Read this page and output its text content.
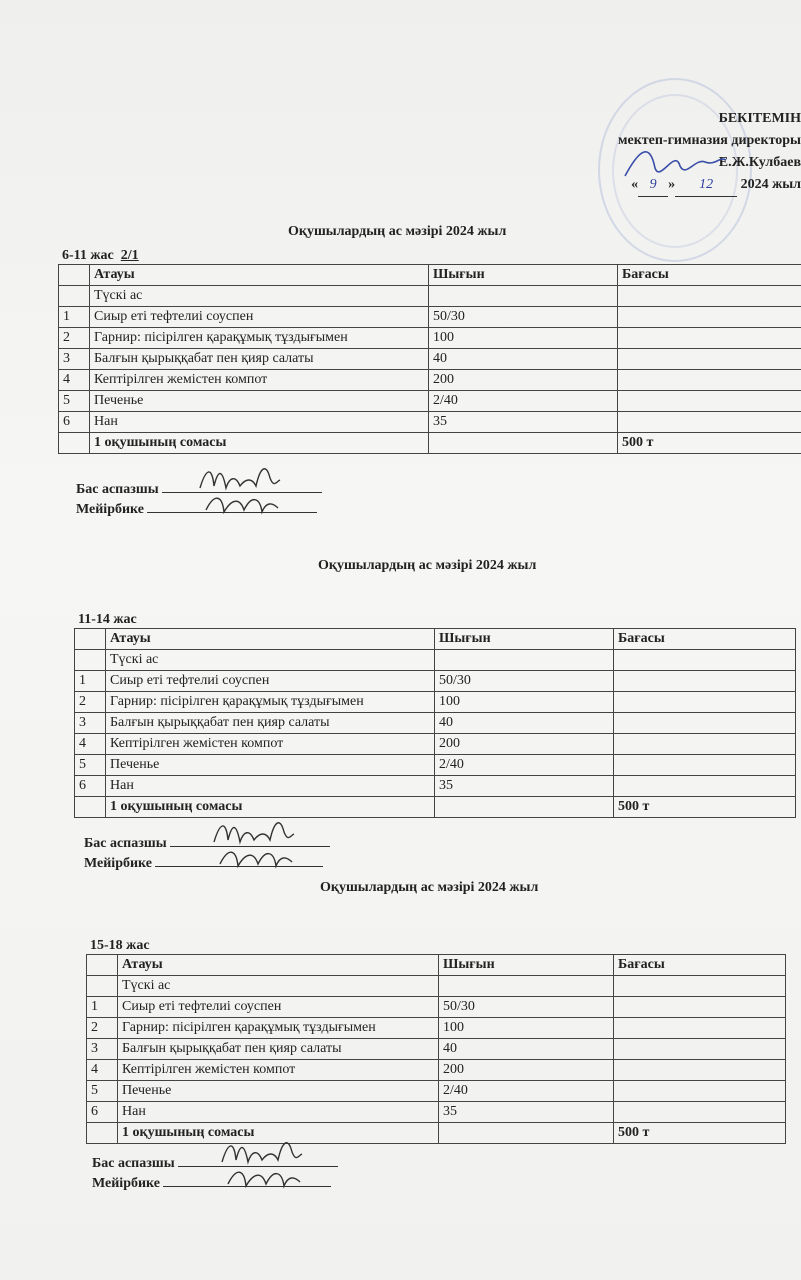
БЕКІТЕМІН
мектеп-гимназия директоры
Е.Ж.Кулбаев
« 9 » 12 2024 жыл
Оқушылардың ас мәзірі 2024 жыл
6-11 жас 2/1
	Атауы	Шығын	Бағасы
	Түскі ас		
1	Сиыр еті тефтелиі соуспен	50/30	
2	Гарнир: пісірілген қарақұмық тұздығымен	100	
3	Балғын қырыққабат пен қияр салаты	40	
4	Кептірілген жемістен компот	200	
5	Печенье	2/40	
6	Нан	35	
	1 оқушының сомасы		500 т
Бас аспазшы
Мейірбике
Оқушылардың ас мәзірі 2024 жыл
11-14 жас
	Атауы	Шығын	Бағасы
	Түскі ас		
1	Сиыр еті тефтелиі соуспен	50/30	
2	Гарнир: пісірілген қарақұмық тұздығымен	100	
3	Балғын қырыққабат пен қияр салаты	40	
4	Кептірілген жемістен компот	200	
5	Печенье	2/40	
6	Нан	35	
	1 оқушының сомасы		500 т
Бас аспазшы
Мейірбике
Оқушылардың ас мәзірі 2024 жыл
15-18 жас
	Атауы	Шығын	Бағасы
	Түскі ас		
1	Сиыр еті тефтелиі соуспен	50/30	
2	Гарнир: пісірілген қарақұмық тұздығымен	100	
3	Балғын қырыққабат пен қияр салаты	40	
4	Кептірілген жемістен компот	200	
5	Печенье	2/40	
6	Нан	35	
	1 оқушының сомасы		500 т
Бас аспазшы
Мейірбике
